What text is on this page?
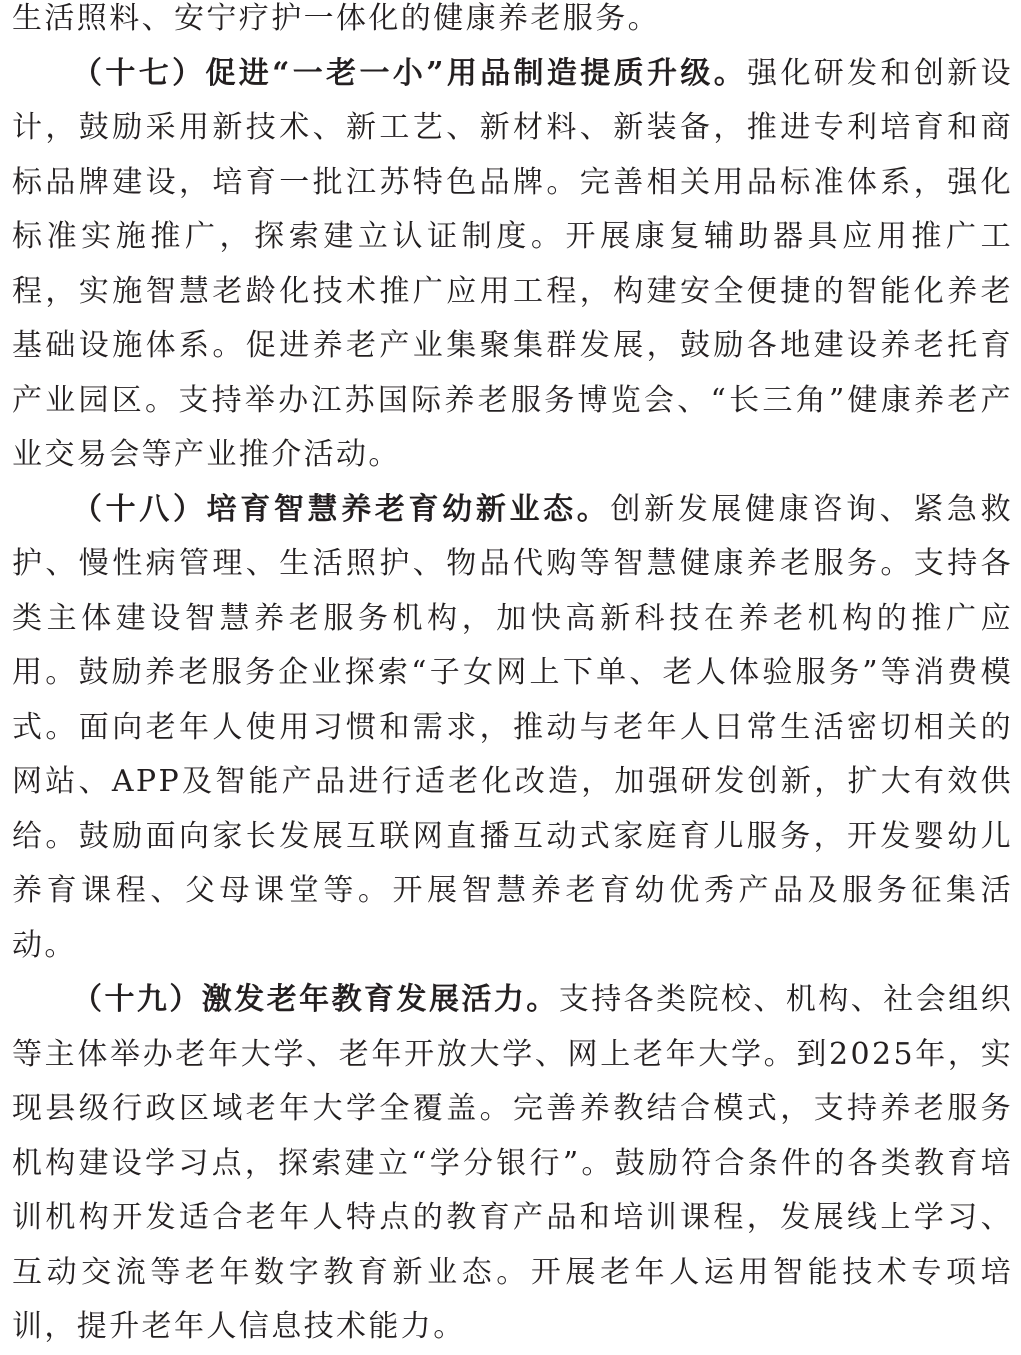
生活照料、安宁疗护一体化的健康养老服务。

（十七）促进“一老一小”用品制造提质升级。强化研发和创新设计，鼓励采用新技术、新工艺、新材料、新装备，推进专利培育和商标品牌建设，培育一批江苏特色品牌。完善相关用品标准体系，强化标准实施推广，探索建立认证制度。开展康复辅助器具应用推广工程，实施智慧老龄化技术推广应用工程，构建安全便捷的智能化养老基础设施体系。促进养老产业集聚集群发展，鼓励各地建设养老托育产业园区。支持举办江苏国际养老服务博览会、“长三角”健康养老产业交易会等产业推介活动。

（十八）培育智慧养老育幼新业态。创新发展健康咨询、紧急救护、慢性病管理、生活照护、物品代购等智慧健康养老服务。支持各类主体建设智慧养老服务机构，加快高新科技在养老机构的推广应用。鼓励养老服务企业探索“子女网上下单、老人体验服务”等消费模式。面向老年人使用习惯和需求，推动与老年人日常生活密切相关的网站、APP及智能产品进行适老化改造，加强研发创新，扩大有效供给。鼓励面向家长发展互联网直播互动式家庭育儿服务，开发婴幼儿养育课程、父母课堂等。开展智慧养老育幼优秀产品及服务征集活动。

（十九）激发老年教育发展活力。支持各类院校、机构、社会组织等主体举办老年大学、老年开放大学、网上老年大学。到2025年，实现县级行政区域老年大学全覆盖。完善养教结合模式，支持养老服务机构建设学习点，探索建立“学分银行”。鼓励符合条件的各类教育培训机构开发适合老年人特点的教育产品和培训课程，发展线上学习、互动交流等老年数字教育新业态。开展老年人运用智能技术专项培训，提升老年人信息技术能力。
